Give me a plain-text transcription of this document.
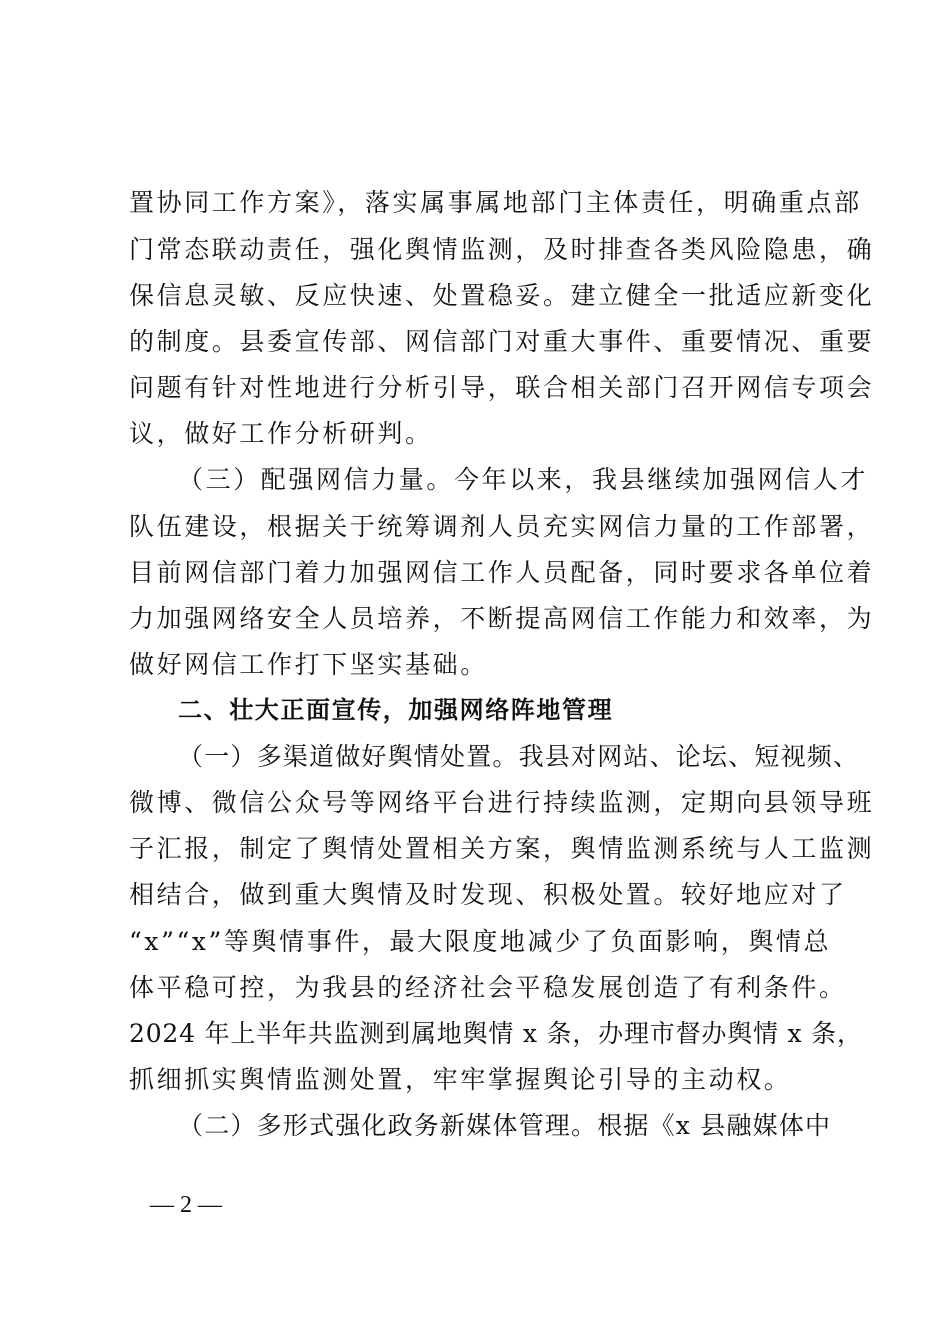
置协同工作方案》，落实属事属地部门主体责任，明确重点部
门常态联动责任，强化舆情监测，及时排查各类风险隐患，确
保信息灵敏、反应快速、处置稳妥。建立健全一批适应新变化
的制度。县委宣传部、网信部门对重大事件、重要情况、重要
问题有针对性地进行分析引导，联合相关部门召开网信专项会
议，做好工作分析研判。
（三）配强网信力量。今年以来，我县继续加强网信人才
队伍建设，根据关于统筹调剂人员充实网信力量的工作部署，
目前网信部门着力加强网信工作人员配备，同时要求各单位着
力加强网络安全人员培养，不断提高网信工作能力和效率，为
做好网信工作打下坚实基础。
二、壮大正面宣传，加强网络阵地管理
（一）多渠道做好舆情处置。我县对网站、论坛、短视频、
微博、微信公众号等网络平台进行持续监测，定期向县领导班
子汇报，制定了舆情处置相关方案，舆情监测系统与人工监测
相结合，做到重大舆情及时发现、积极处置。较好地应对了
“x”“x”等舆情事件，最大限度地减少了负面影响，舆情总
体平稳可控，为我县的经济社会平稳发展创造了有利条件。
2024 年上半年共监测到属地舆情 x 条，办理市督办舆情 x 条，
抓细抓实舆情监测处置，牢牢掌握舆论引导的主动权。
（二）多形式强化政务新媒体管理。根据《x 县融媒体中
— 2 —
